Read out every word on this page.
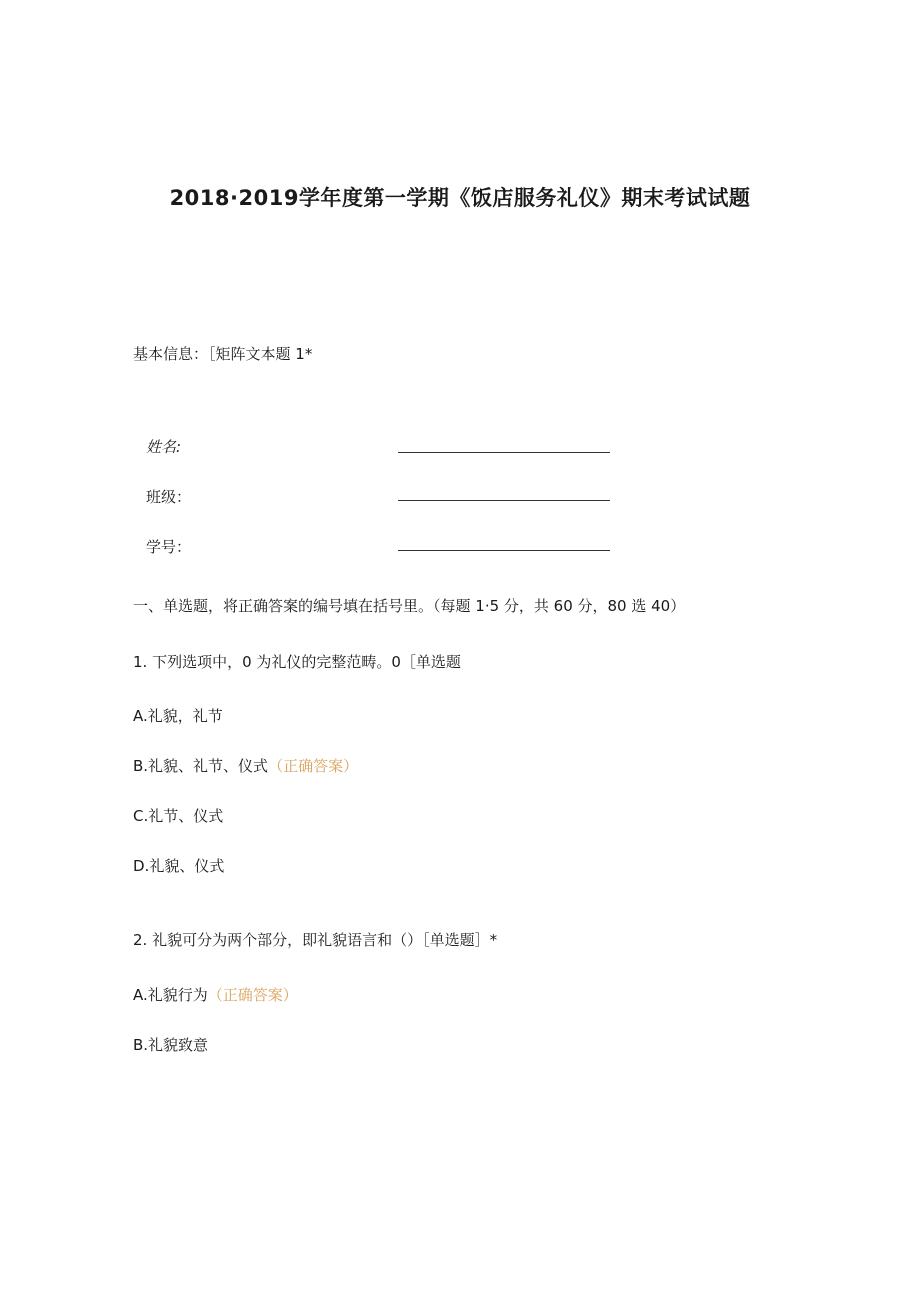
2018·2019学年度第一学期《饭店服务礼仪》期末考试试题
基本信息：［矩阵文本题 1*
姓名:
班级：
学号：
一、单选题，将正确答案的编号填在括号里。（每题 1·5 分，共 60 分，80 选 40）
1. 下列选项中，0 为礼仪的完整范畴。0［单选题
A.礼貌，礼节
B.礼貌、礼节、仪式（正确答案）
C.礼节、仪式
D.礼貌、仪式
2. 礼貌可分为两个部分，即礼貌语言和（）［单选题］*
A.礼貌行为（正确答案）
B.礼貌致意
